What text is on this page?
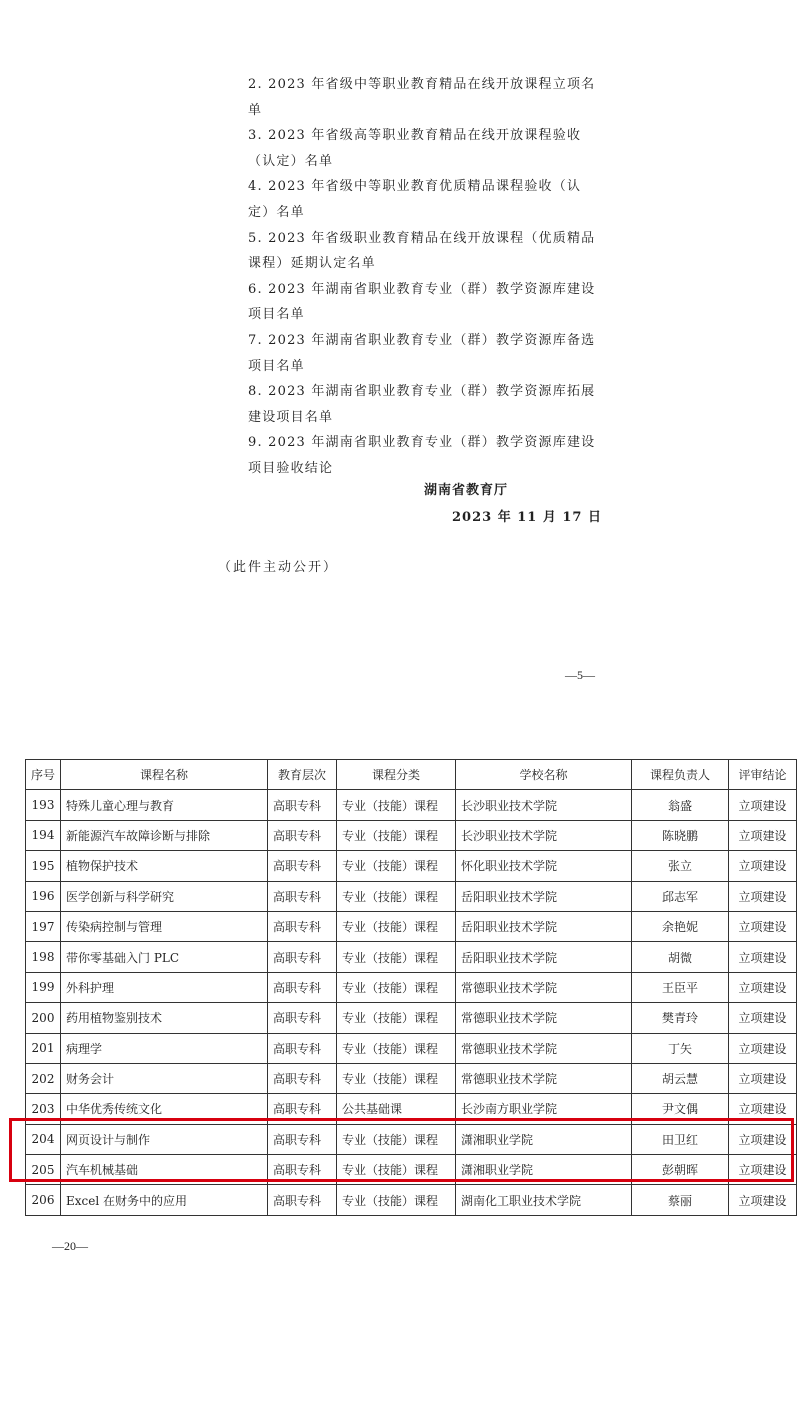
2. 2023 年省级中等职业教育精品在线开放课程立项名单

3. 2023 年省级高等职业教育精品在线开放课程验收（认定）名单

4. 2023 年省级中等职业教育优质精品课程验收（认定）名单

5. 2023 年省级职业教育精品在线开放课程（优质精品课程）延期认定名单

6. 2023 年湖南省职业教育专业（群）教学资源库建设项目名单

7. 2023 年湖南省职业教育专业（群）教学资源库备选项目名单

8. 2023 年湖南省职业教育专业（群）教学资源库拓展建设项目名单

9. 2023 年湖南省职业教育专业（群）教学资源库建设项目验收结论

湖南省教育厅
2023 年 11 月 17 日
（此件主动公开）
—5—
序号	课程名称	教育层次	课程分类	学校名称	课程负责人	评审结论
193	特殊儿童心理与教育	高职专科	专业（技能）课程	长沙职业技术学院	翁盛	立项建设
194	新能源汽车故障诊断与排除	高职专科	专业（技能）课程	长沙职业技术学院	陈晓鹏	立项建设
195	植物保护技术	高职专科	专业（技能）课程	怀化职业技术学院	张立	立项建设
196	医学创新与科学研究	高职专科	专业（技能）课程	岳阳职业技术学院	邱志军	立项建设
197	传染病控制与管理	高职专科	专业（技能）课程	岳阳职业技术学院	余艳妮	立项建设
198	带你零基础入门 PLC	高职专科	专业（技能）课程	岳阳职业技术学院	胡微	立项建设
199	外科护理	高职专科	专业（技能）课程	常德职业技术学院	王臣平	立项建设
200	药用植物鉴别技术	高职专科	专业（技能）课程	常德职业技术学院	樊青玲	立项建设
201	病理学	高职专科	专业（技能）课程	常德职业技术学院	丁矢	立项建设
202	财务会计	高职专科	专业（技能）课程	常德职业技术学院	胡云慧	立项建设
203	中华优秀传统文化	高职专科	公共基础课	长沙南方职业学院	尹文偶	立项建设
204	网页设计与制作	高职专科	专业（技能）课程	潇湘职业学院	田卫红	立项建设
205	汽车机械基础	高职专科	专业（技能）课程	潇湘职业学院	彭朝晖	立项建设
206	Excel 在财务中的应用	高职专科	专业（技能）课程	湖南化工职业技术学院	蔡丽	立项建设
—20—
